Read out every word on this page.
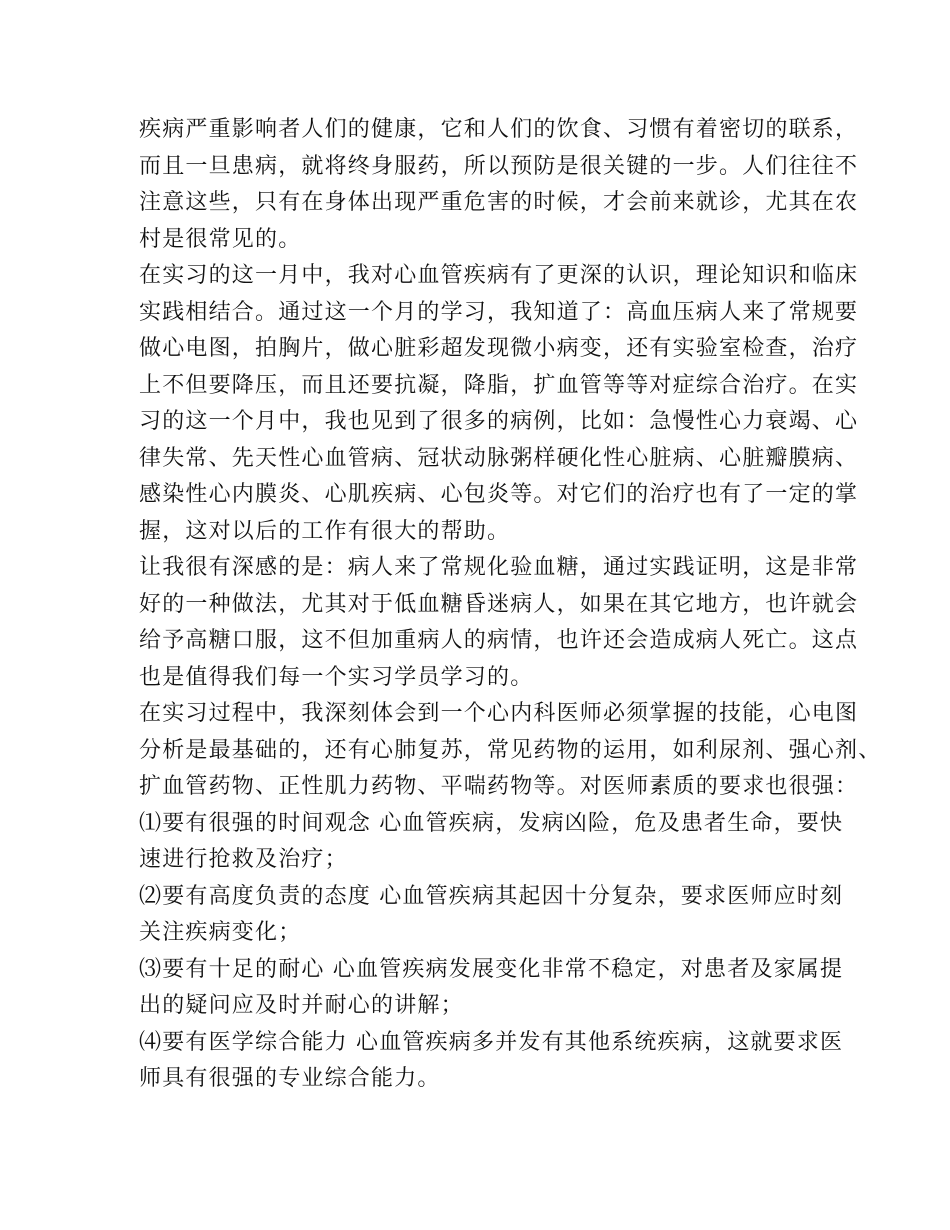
疾病严重影响者人们的健康，它和人们的饮食、习惯有着密切的联系，
而且一旦患病，就将终身服药，所以预防是很关键的一步。人们往往不
注意这些，只有在身体出现严重危害的时候，才会前来就诊，尤其在农
村是很常见的。
在实习的这一月中，我对心血管疾病有了更深的认识，理论知识和临床
实践相结合。通过这一个月的学习，我知道了：高血压病人来了常规要
做心电图，拍胸片，做心脏彩超发现微小病变，还有实验室检查，治疗
上不但要降压，而且还要抗凝，降脂，扩血管等等对症综合治疗。在实
习的这一个月中，我也见到了很多的病例，比如：急慢性心力衰竭、心
律失常、先天性心血管病、冠状动脉粥样硬化性心脏病、心脏瓣膜病、
感染性心内膜炎、心肌疾病、心包炎等。对它们的治疗也有了一定的掌
握，这对以后的工作有很大的帮助。
让我很有深感的是：病人来了常规化验血糖，通过实践证明，这是非常
好的一种做法，尤其对于低血糖昏迷病人，如果在其它地方，也许就会
给予高糖口服，这不但加重病人的病情，也许还会造成病人死亡。这点
也是值得我们每一个实习学员学习的。
在实习过程中，我深刻体会到一个心内科医师必须掌握的技能，心电图
分析是最基础的，还有心肺复苏，常见药物的运用，如利尿剂、强心剂、
扩血管药物、正性肌力药物、平喘药物等。对医师素质的要求也很强：
⑴要有很强的时间观念 心血管疾病，发病凶险，危及患者生命，要快
速进行抢救及治疗；
⑵要有高度负责的态度 心血管疾病其起因十分复杂，要求医师应时刻
关注疾病变化；
⑶要有十足的耐心 心血管疾病发展变化非常不稳定，对患者及家属提
出的疑问应及时并耐心的讲解；
⑷要有医学综合能力 心血管疾病多并发有其他系统疾病，这就要求医
师具有很强的专业综合能力。
